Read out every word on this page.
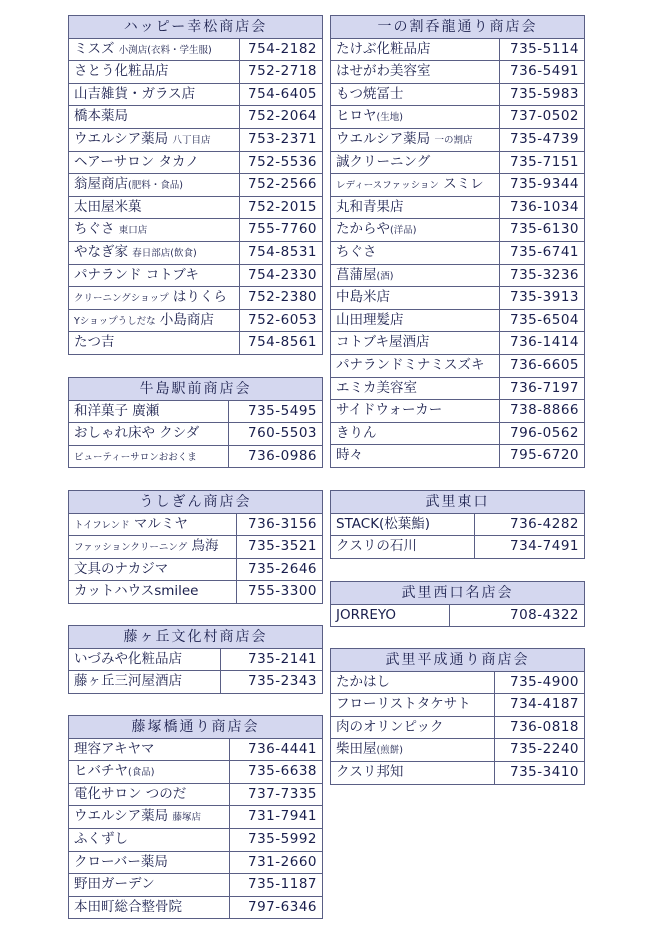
ハッピー幸松商店会	
ミスズ 小渕店(衣料・学生服)	754-2182
さとう化粧品店	752-2718
山吉雑貨・ガラス店	754-6405
橋本薬局	752-2064
ウエルシア薬局 八丁目店	753-2371
ヘアーサロン タカノ	752-5536
翁屋商店(肥料・食品)	752-2566
太田屋米菓	752-2015
ちぐさ 東口店	755-7760
やなぎ家 春日部店(飲食)	754-8531
パナランド コトブキ	754-2330
クリーニングショップ はりくら	752-2380
Yショップうしだな 小島商店	752-6053
たつ吉	754-8561
牛島駅前商店会	
和洋菓子 廣瀬	735-5495
おしゃれ床や クシダ	760-5503
ビューティーサロンおおくま	736-0986
うしぎん商店会	
トイフレンド マルミヤ	736-3156
ファッションクリーニング 鳥海	735-3521
文具のナカジマ	735-2646
カットハウスsmilee	755-3300
藤ヶ丘文化村商店会	
いづみや化粧品店	735-2141
藤ヶ丘三河屋酒店	735-2343
藤塚橋通り商店会	
理容アキヤマ	736-4441
ヒバチヤ(食品)	735-6638
電化サロン つのだ	737-7335
ウエルシア薬局 藤塚店	731-7941
ふくずし	735-5992
クローバー薬局	731-2660
野田ガーデン	735-1187
本田町総合整骨院	797-6346
一の割呑龍通り商店会	
たけぶ化粧品店	735-5114
はせがわ美容室	736-5491
もつ焼冨士	735-5983
ヒロヤ(生地)	737-0502
ウエルシア薬局 一の割店	735-4739
誠クリーニング	735-7151
レディースファッション スミレ	735-9344
丸和青果店	736-1034
たからや(洋品)	735-6130
ちぐさ	735-6741
菖蒲屋(酒)	735-3236
中島米店	735-3913
山田理髪店	735-6504
コトブキ屋酒店	736-1414
パナランドミナミスズキ	736-6605
エミカ美容室	736-7197
サイドウォーカー	738-8866
きりん	796-0562
時々	795-6720
武里東口	
STACK(松葉鮨)	736-4282
クスリの石川	734-7491
武里西口名店会
JORREYO	708-4322
武里平成通り商店会	
たかはし	735-4900
フローリストタケサト	734-4187
肉のオリンピック	736-0818
柴田屋(煎餅)	735-2240
クスリ邦知	735-3410
